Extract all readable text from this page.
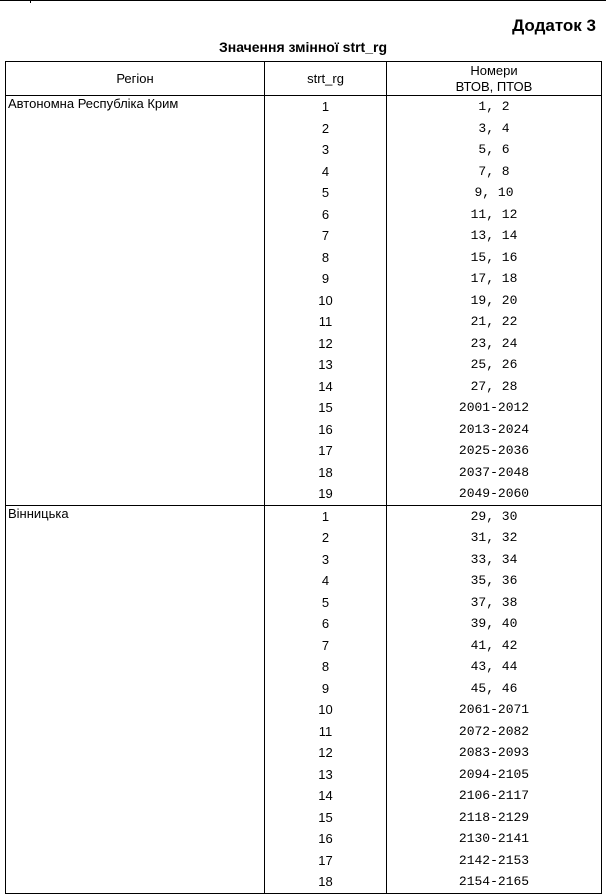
Додаток 3
Значення змінної strt_rg
Регіон	strt_rg	Номери
ВТОВ, ПТОВ

Автономна Республіка Крим	1	1, 2
	2	3, 4
	3	5, 6
	4	7, 8
	5	9, 10
	6	11, 12
	7	13, 14
	8	15, 16
	9	17, 18
	10	19, 20
	11	21, 22
	12	23, 24
	13	25, 26
	14	27, 28
	15	2001-2012
	16	2013-2024
	17	2025-2036
	18	2037-2048
	19	2049-2060
Вінницька	1	29, 30
	2	31, 32
	3	33, 34
	4	35, 36
	5	37, 38
	6	39, 40
	7	41, 42
	8	43, 44
	9	45, 46
	10	2061-2071
	11	2072-2082
	12	2083-2093
	13	2094-2105
	14	2106-2117
	15	2118-2129
	16	2130-2141
	17	2142-2153
	18	2154-2165
